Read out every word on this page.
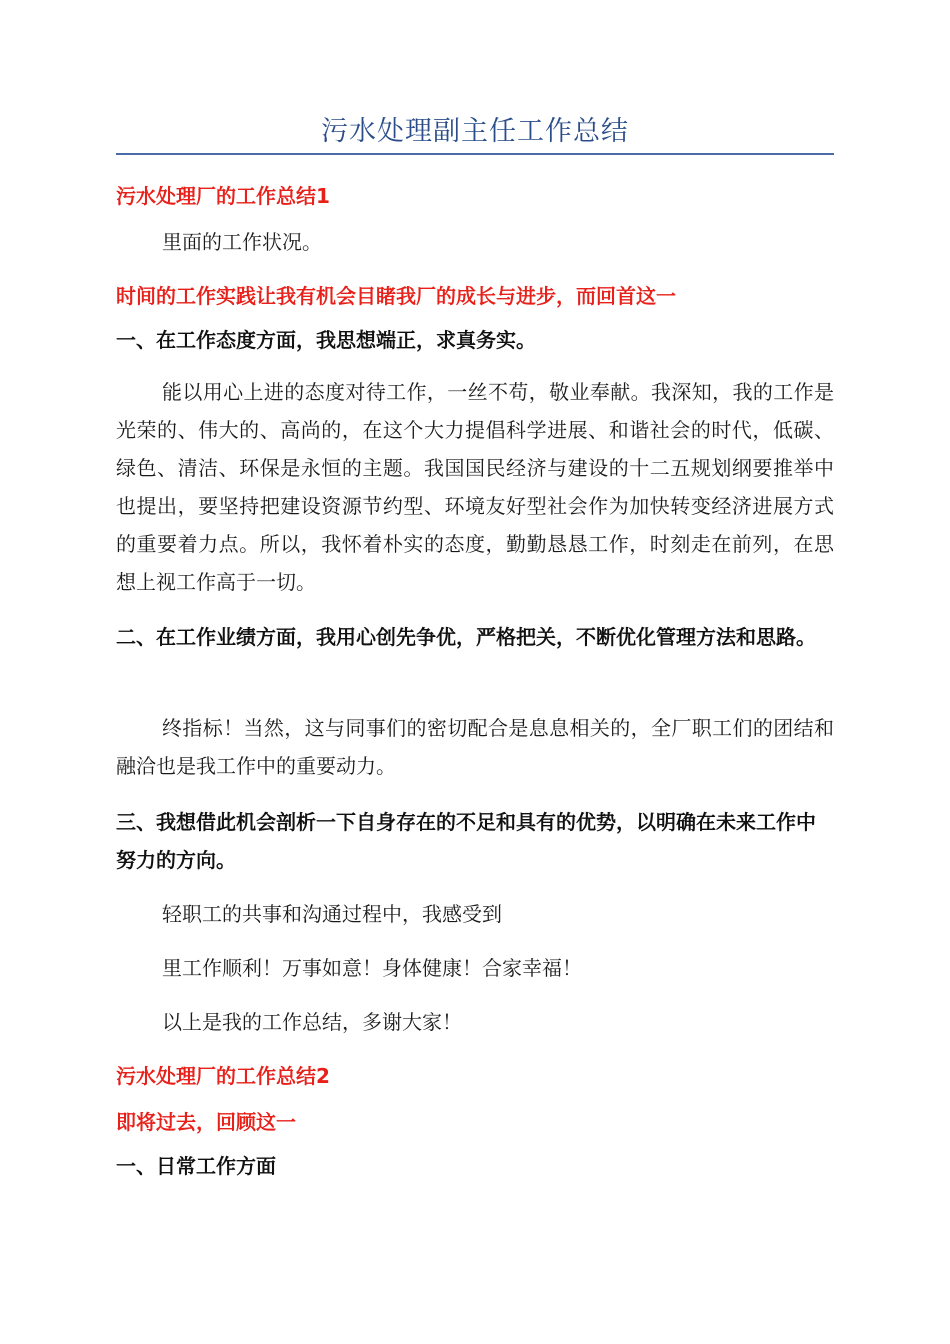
污水处理副主任工作总结
污水处理厂的工作总结1
里面的工作状况。
时间的工作实践让我有机会目睹我厂的成长与进步，而回首这一
一、在工作态度方面，我思想端正，求真务实。
能以用心上进的态度对待工作，一丝不苟，敬业奉献。我深知，我的工作是光荣的、伟大的、高尚的，在这个大力提倡科学进展、和谐社会的时代，低碳、绿色、清洁、环保是永恒的主题。我国国民经济与建设的十二五规划纲要推举中也提出，要坚持把建设资源节约型、环境友好型社会作为加快转变经济进展方式的重要着力点。所以，我怀着朴实的态度，勤勤恳恳工作，时刻走在前列，在思想上视工作高于一切。
二、在工作业绩方面，我用心创先争优，严格把关，不断优化管理方法和思路。
终指标！当然，这与同事们的密切配合是息息相关的，全厂职工们的团结和融洽也是我工作中的重要动力。
三、我想借此机会剖析一下自身存在的不足和具有的优势，以明确在未来工作中努力的方向。
轻职工的共事和沟通过程中，我感受到
里工作顺利！万事如意！身体健康！合家幸福！
以上是我的工作总结，多谢大家！
污水处理厂的工作总结2
即将过去，回顾这一
一、日常工作方面
